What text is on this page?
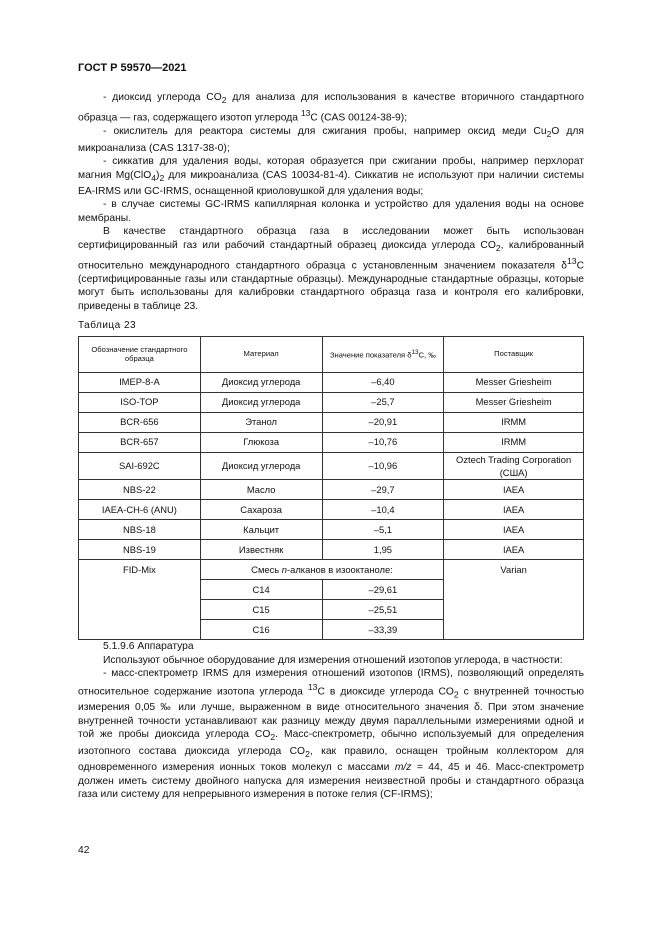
ГОСТ Р 59570—2021

- диоксид углерода $CO_2$ для анализа для использования в качестве вторичного стандартного образца — газ, содержащего изотоп углерода $^{13}$C (CAS 00124-38-9);

- окислитель для реактора системы для сжигания пробы, например оксид меди $Cu_2O$ для микроанализа (CAS 1317-38-0);

- сиккатив для удаления воды, которая образуется при сжигании пробы, например перхлорат магния $Mg(ClO_4)_2$ для микроанализа (CAS 10034-81-4). Сиккатив не используют при наличии системы EA-IRMS или GC-IRMS, оснащенной криоловушкой для удаления воды;

- в случае системы GC-IRMS капиллярная колонка и устройство для удаления воды на основе мембраны.

В качестве стандартного образца газа в исследовании может быть использован сертифицированный газ или рабочий стандартный образец диоксида углерода $CO_2$, калиброванный относительно международного стандартного образца с установленным значением показателя $\delta^{13}C$ (сертифицированные газы или стандартные образцы). Международные стандартные образцы, которые могут быть использованы для калибровки стандартного образца газа и контроля его калибровки, приведены в таблице 23.

Таблица 23

Обозначение стандартного образца	Материал	Значение показателя $\delta^{13}C$, ‰	Поставщик
IMEP-8-A	Диоксид углерода	–6,40	Messer Griesheim
ISO-TOP	Диоксид углерода	–25,7	Messer Griesheim
BCR-656	Этанол	–20,91	IRMM
BCR-657	Глюкоза	–10,76	IRMM
SAI-692C	Диоксид углерода	–10,96	Oztech Trading Corporation (США)
NBS-22	Масло	–29,7	IAEA
IAEA-CH-6 (ANU)	Сахароза	–10,4	IAEA
NBS-18	Кальцит	–5,1	IAEA
NBS-19	Известняк	1,95	IAEA
FID-Mix	Смесь n-алканов в изооктаноле:		Varian
	C14	–29,61	
	C15	–25,51	
	C16	–33,39	

5.1.9.6 Аппаратура

Используют обычное оборудование для измерения отношений изотопов углерода, в частности:

- масс-спектрометр IRMS для измерения отношений изотопов (IRMS), позволяющий определять относительное содержание изотопа углерода $^{13}$C в диоксиде углерода $CO_2$ с внутренней точностью измерения 0,05 ‰ или лучше, выраженном в виде относительного значения δ. При этом значение внутренней точности устанавливают как разницу между двумя параллельными измерениями одной и той же пробы диоксида углерода $CO_2$. Масс-спектрометр, обычно используемый для определения изотопного состава диоксида углерода $CO_2$, как правило, оснащен тройным коллектором для одновременного измерения ионных токов молекул с массами m/z = 44, 45 и 46. Масс-спектрометр должен иметь систему двойного напуска для измерения неизвестной пробы и стандартного образца газа или систему для непрерывного измерения в потоке гелия (CF-IRMS);

42
